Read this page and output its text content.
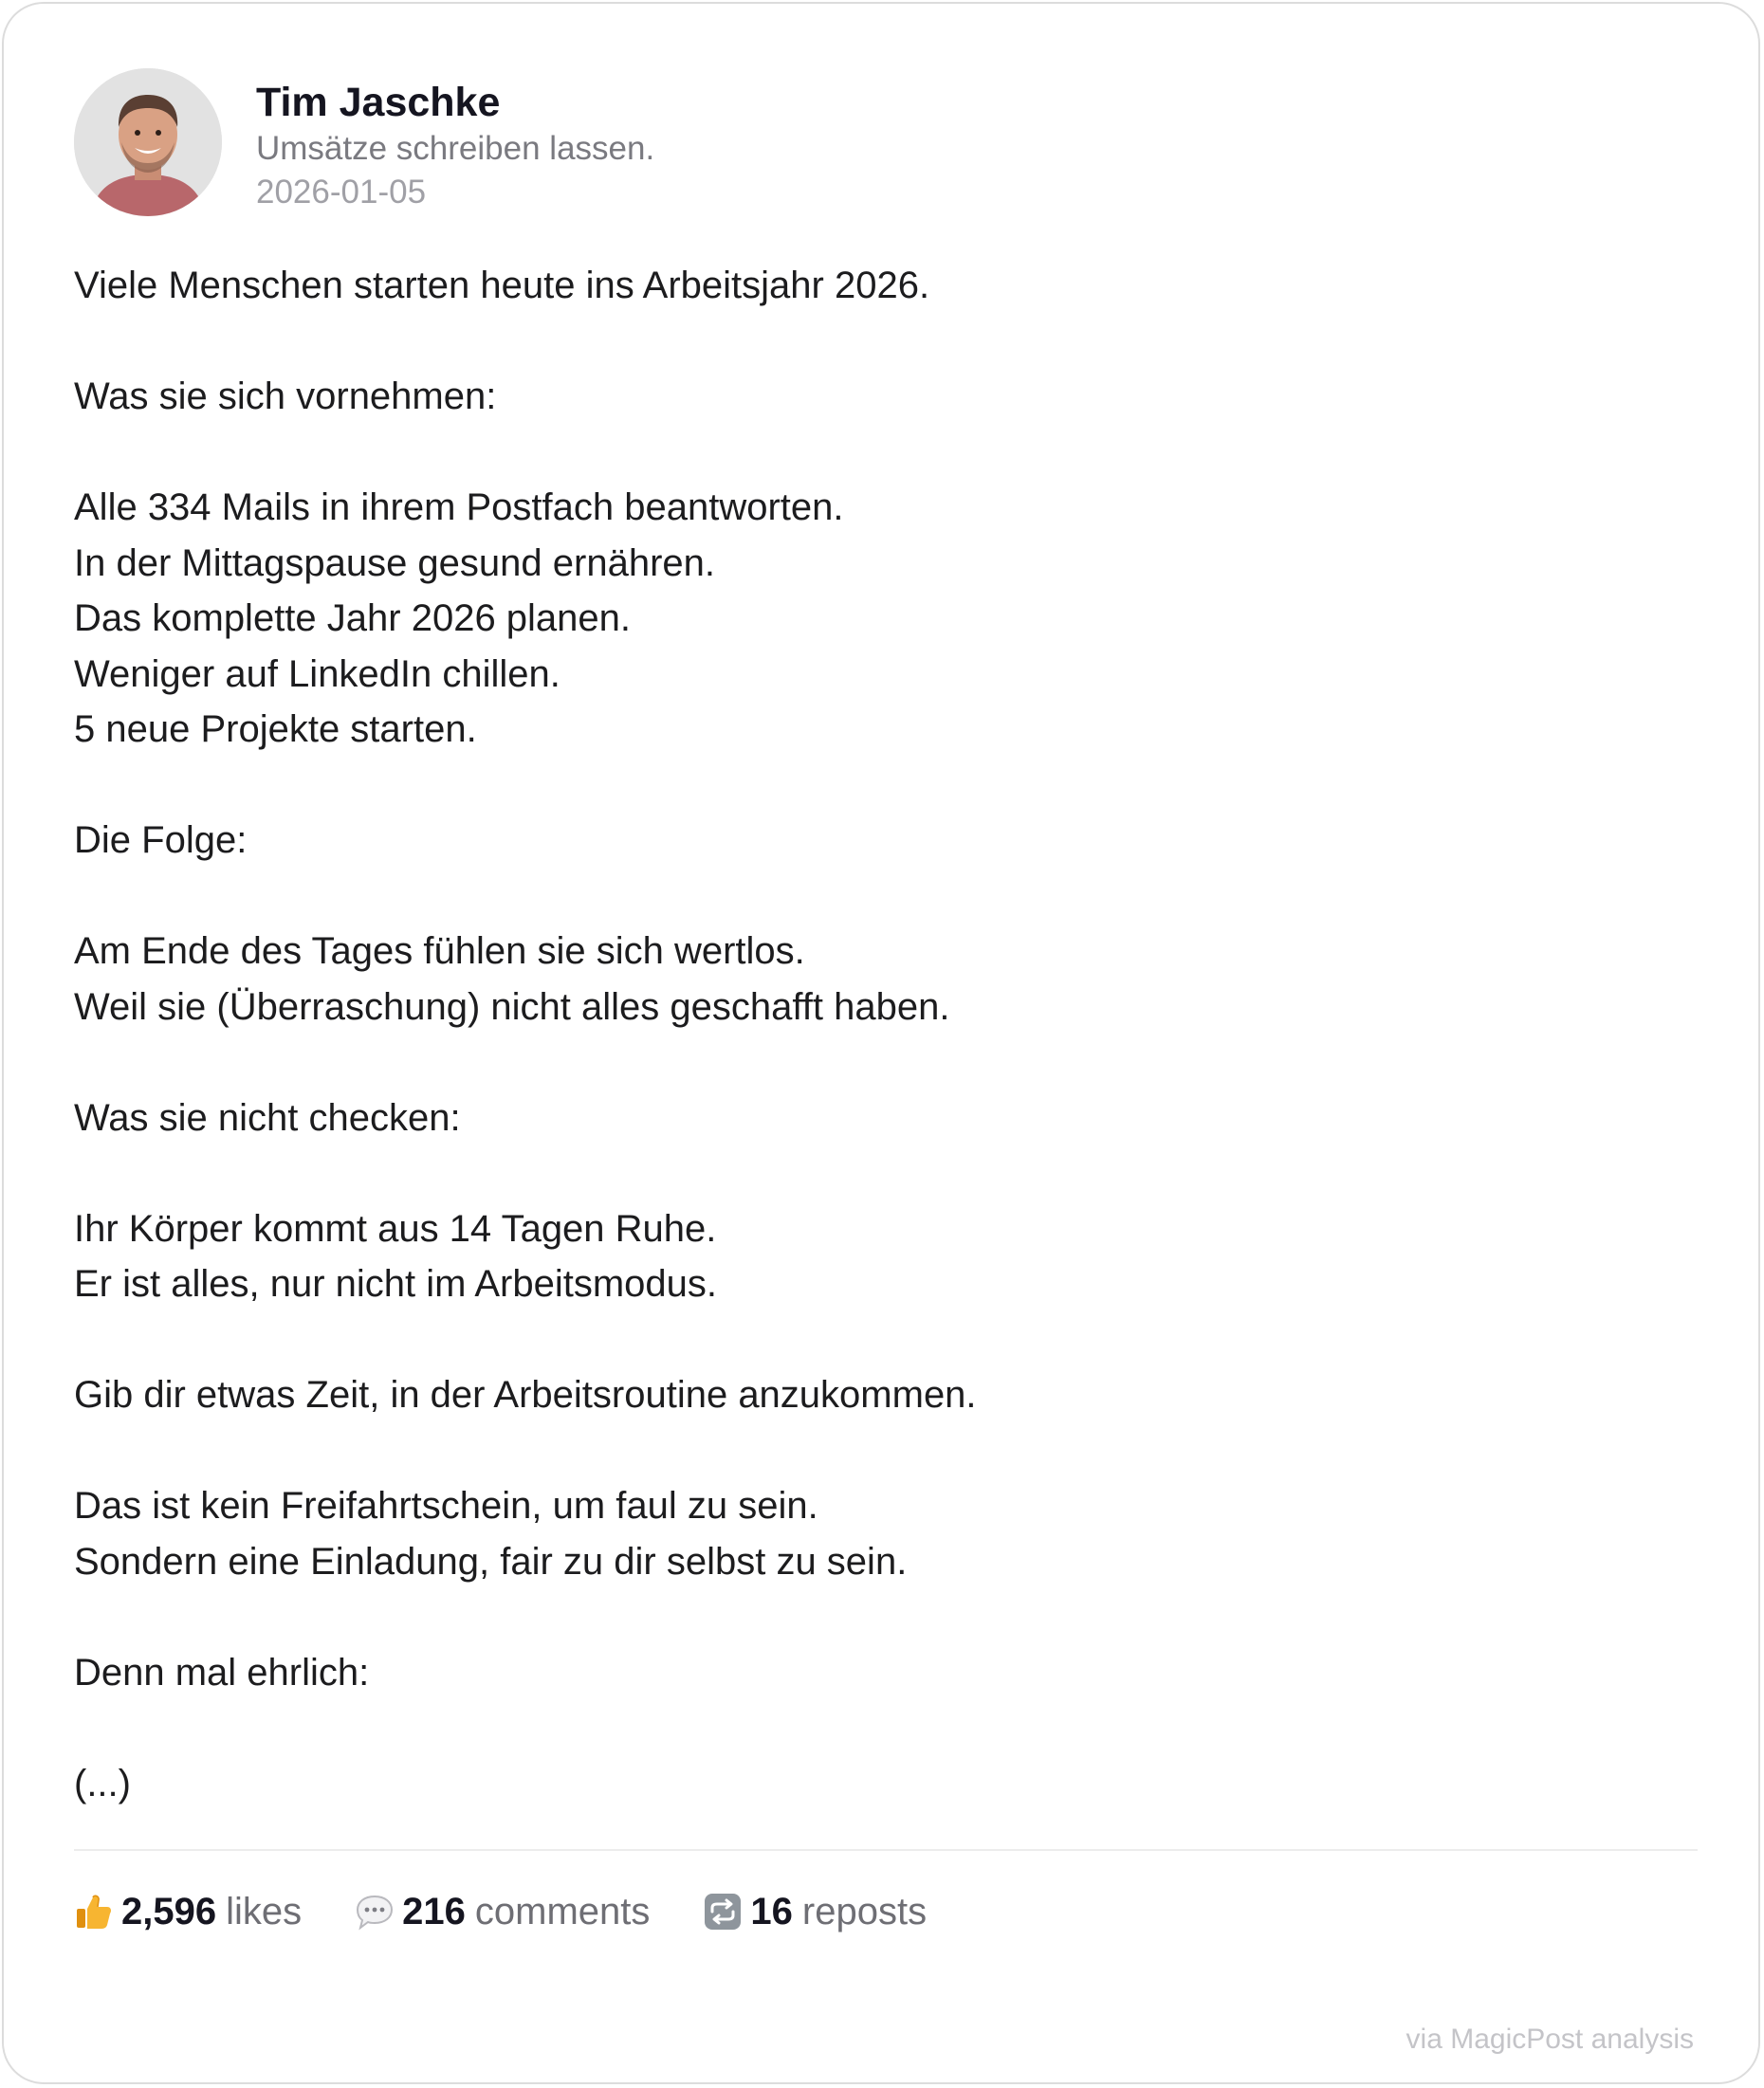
Tim Jaschke
Umsätze schreiben lassen.
2026-01-05
Viele Menschen starten heute ins Arbeitsjahr 2026.
Was sie sich vornehmen:
Alle 334 Mails in ihrem Postfach beantworten.
In der Mittagspause gesund ernähren.
Das komplette Jahr 2026 planen.
Weniger auf LinkedIn chillen.
5 neue Projekte starten.
Die Folge:
Am Ende des Tages fühlen sie sich wertlos.
Weil sie (Überraschung) nicht alles geschafft haben.
Was sie nicht checken:
Ihr Körper kommt aus 14 Tagen Ruhe.
Er ist alles, nur nicht im Arbeitsmodus.
Gib dir etwas Zeit, in der Arbeitsroutine anzukommen.
Das ist kein Freifahrtschein, um faul zu sein.
Sondern eine Einladung, fair zu dir selbst zu sein.
Denn mal ehrlich:
(...)
2,596 likes	216 comments	16 reposts
via MagicPost analysis
